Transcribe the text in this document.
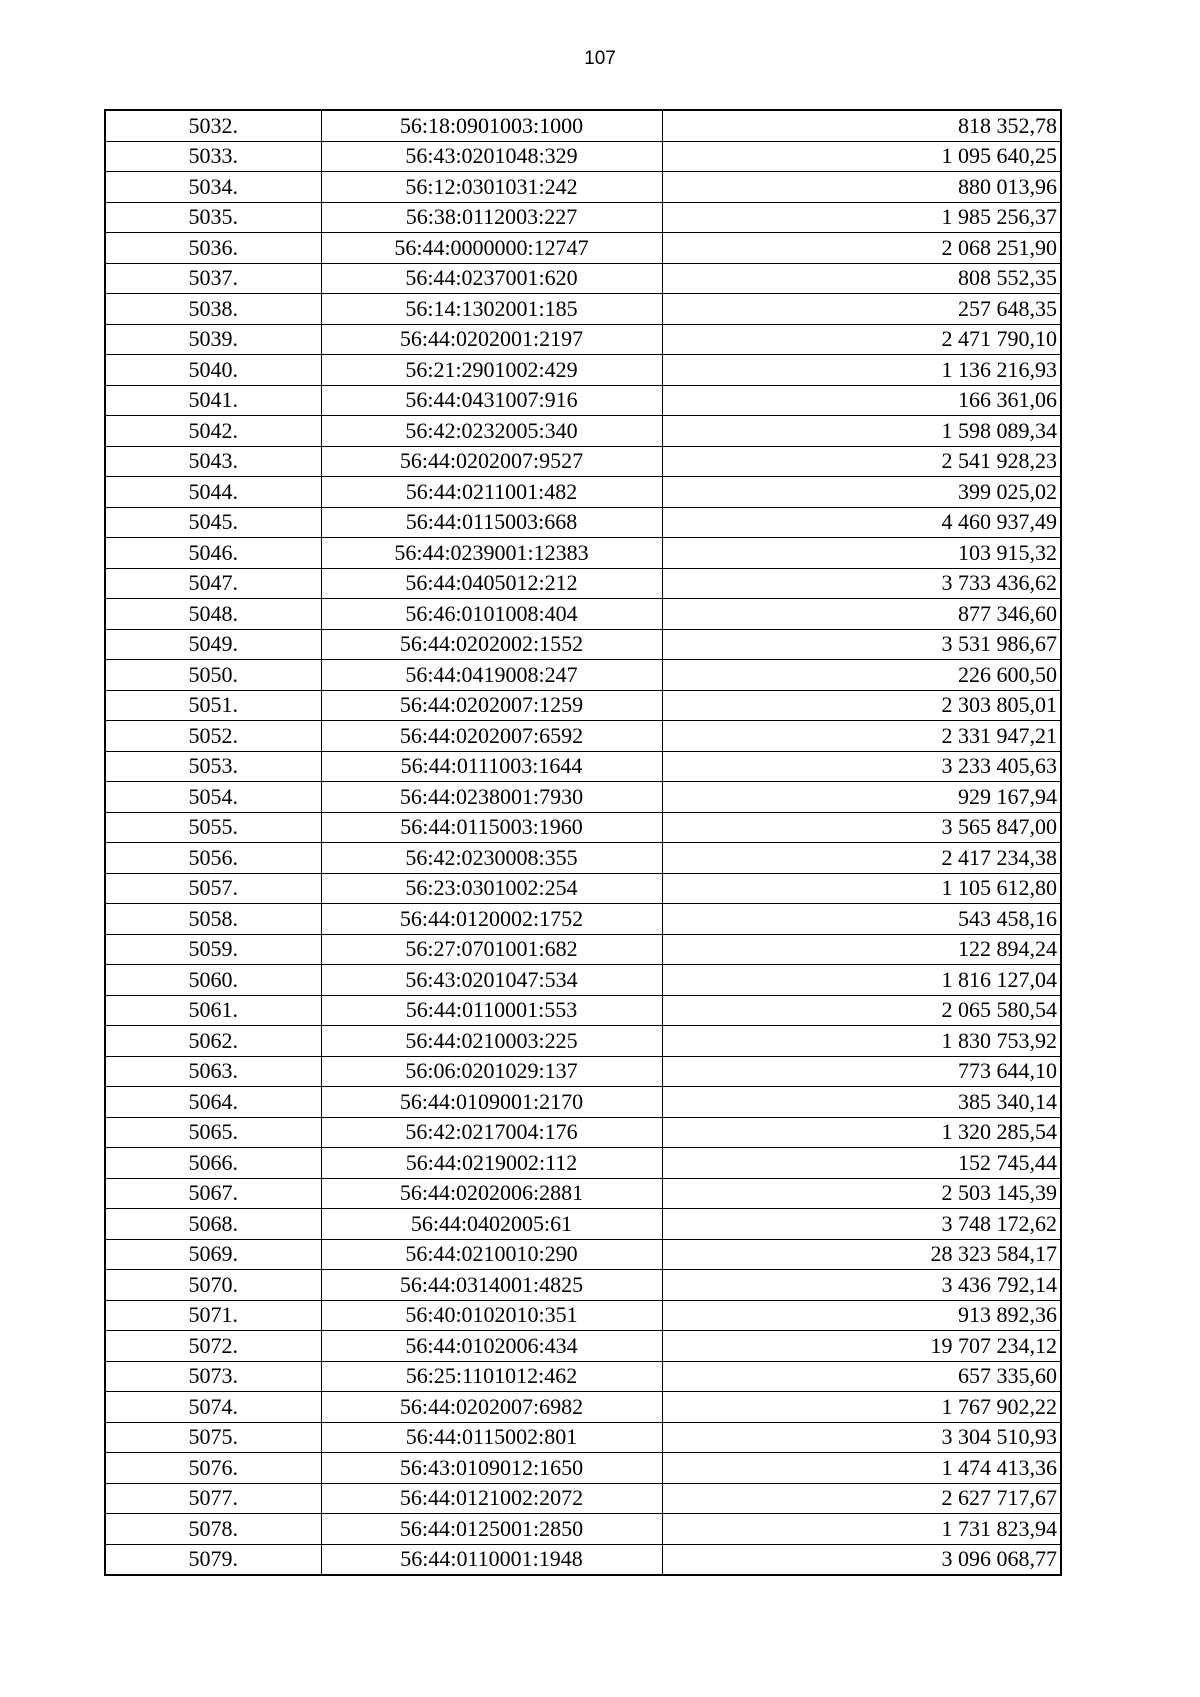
107
5032.	56:18:0901003:1000	818 352,78
5033.	56:43:0201048:329	1 095 640,25
5034.	56:12:0301031:242	880 013,96
5035.	56:38:0112003:227	1 985 256,37
5036.	56:44:0000000:12747	2 068 251,90
5037.	56:44:0237001:620	808 552,35
5038.	56:14:1302001:185	257 648,35
5039.	56:44:0202001:2197	2 471 790,10
5040.	56:21:2901002:429	1 136 216,93
5041.	56:44:0431007:916	166 361,06
5042.	56:42:0232005:340	1 598 089,34
5043.	56:44:0202007:9527	2 541 928,23
5044.	56:44:0211001:482	399 025,02
5045.	56:44:0115003:668	4 460 937,49
5046.	56:44:0239001:12383	103 915,32
5047.	56:44:0405012:212	3 733 436,62
5048.	56:46:0101008:404	877 346,60
5049.	56:44:0202002:1552	3 531 986,67
5050.	56:44:0419008:247	226 600,50
5051.	56:44:0202007:1259	2 303 805,01
5052.	56:44:0202007:6592	2 331 947,21
5053.	56:44:0111003:1644	3 233 405,63
5054.	56:44:0238001:7930	929 167,94
5055.	56:44:0115003:1960	3 565 847,00
5056.	56:42:0230008:355	2 417 234,38
5057.	56:23:0301002:254	1 105 612,80
5058.	56:44:0120002:1752	543 458,16
5059.	56:27:0701001:682	122 894,24
5060.	56:43:0201047:534	1 816 127,04
5061.	56:44:0110001:553	2 065 580,54
5062.	56:44:0210003:225	1 830 753,92
5063.	56:06:0201029:137	773 644,10
5064.	56:44:0109001:2170	385 340,14
5065.	56:42:0217004:176	1 320 285,54
5066.	56:44:0219002:112	152 745,44
5067.	56:44:0202006:2881	2 503 145,39
5068.	56:44:0402005:61	3 748 172,62
5069.	56:44:0210010:290	28 323 584,17
5070.	56:44:0314001:4825	3 436 792,14
5071.	56:40:0102010:351	913 892,36
5072.	56:44:0102006:434	19 707 234,12
5073.	56:25:1101012:462	657 335,60
5074.	56:44:0202007:6982	1 767 902,22
5075.	56:44:0115002:801	3 304 510,93
5076.	56:43:0109012:1650	1 474 413,36
5077.	56:44:0121002:2072	2 627 717,67
5078.	56:44:0125001:2850	1 731 823,94
5079.	56:44:0110001:1948	3 096 068,77
